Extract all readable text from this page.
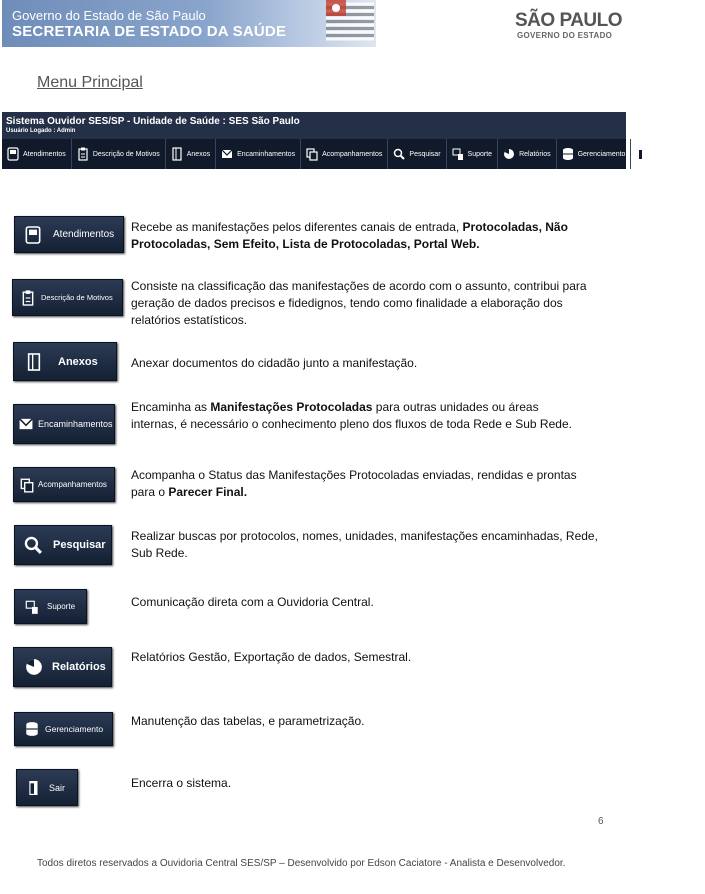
Governo do Estado de São Paulo
SECRETARIA DE ESTADO DA SAÚDE
SÃO PAULO
GOVERNO DO ESTADO
Menu Principal
Sistema Ouvidor SES/SP - Unidade de Saúde : SES São Paulo
Usuário Logado : Admin
Atendimentos	Descrição de Motivos	Anexos	Encaminhamentos	Acompanhamentos	Pesquisar	Suporte	Relatórios	Gerenciamento	Sair
Atendimentos
Recebe as manifestações pelos diferentes canais de entrada, Protocoladas, Não Protocoladas, Sem Efeito, Lista de Protocoladas, Portal Web.
Descrição de Motivos
Consiste na classificação das manifestações de acordo com o assunto, contribui para geração de dados precisos e fidedignos, tendo como finalidade a elaboração dos relatórios estatísticos.
Anexos	Anexar documentos do cidadão junto a manifestação.
Encaminhamentos
Encaminha as Manifestações Protocoladas para outras unidades ou áreas internas, é necessário o conhecimento pleno dos fluxos de toda Rede e Sub Rede.
Acompanhamentos
Acompanha o Status das Manifestações Protocoladas enviadas, rendidas e prontas para o Parecer Final.
Pesquisar
Realizar buscas por protocolos, nomes, unidades, manifestações encaminhadas, Rede, Sub Rede.
Suporte	Comunicação direta com a Ouvidoria Central.
Relatórios
Relatórios Gestão, Exportação de dados, Semestral.
Gerenciamento
Manutenção das tabelas, e parametrização.
Sair	Encerra o sistema.
6
Todos diretos reservados a Ouvidoria Central SES/SP – Desenvolvido por Edson Caciatore - Analista e Desenvolvedor.
